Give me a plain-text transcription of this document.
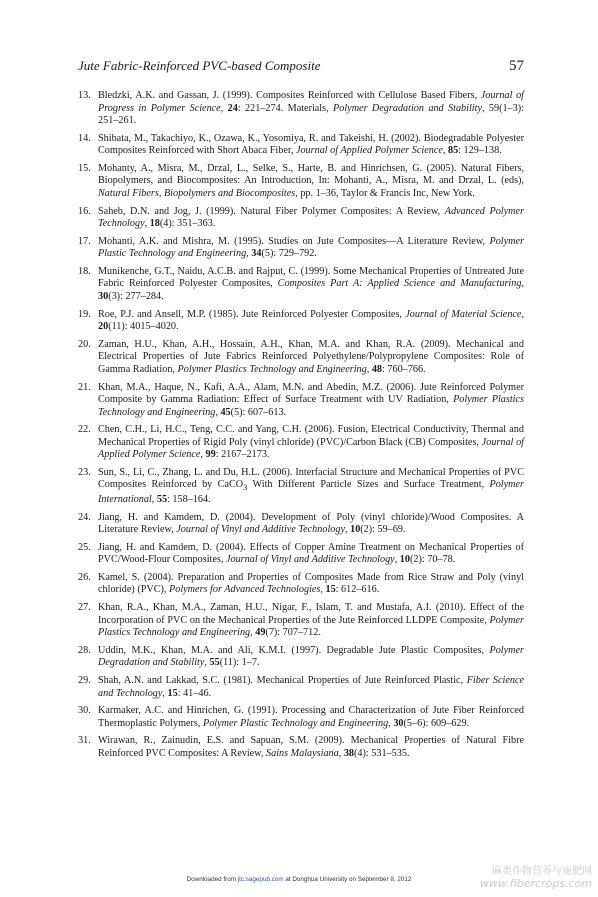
Jute Fabric-Reinforced PVC-based Composite	57
13. Bledzki, A.K. and Gassan, J. (1999). Composites Reinforced with Cellulose Based Fibers, Journal of Progress in Polymer Science, 24: 221–274. Materials, Polymer Degradation and Stability, 59(1–3): 251–261.
14. Shibata, M., Takachiyo, K., Ozawa, K., Yosomiya, R. and Takeishi, H. (2002). Biodegradable Polyester Composites Reinforced with Short Abaca Fiber, Journal of Applied Polymer Science, 85: 129–138.
15. Mohanty, A., Misra, M., Drzal, L., Selke, S., Harte, B. and Hinrichsen, G. (2005). Natural Fibers, Biopolymers, and Biocomposites: An Introduction, In: Mohanti, A., Misra, M. and Drzal, L. (eds), Natural Fibers, Biopolymers and Biocomposites, pp. 1–36, Taylor & Francis Inc, New York.
16. Saheb, D.N. and Jog, J. (1999). Natural Fiber Polymer Composites: A Review, Advanced Polymer Technology, 18(4): 351–363.
17. Mohanti, A.K. and Mishra, M. (1995). Studies on Jute Composites—A Literature Review, Polymer Plastic Technology and Engineering, 34(5): 729–792.
18. Munikenche, G.T., Naidu, A.C.B. and Rajput, C. (1999). Some Mechanical Properties of Untreated Jute Fabric Reinforced Polyester Composites, Composites Part A: Applied Science and Manufacturing, 30(3): 277–284.
19. Roe, P.J. and Ansell, M.P. (1985). Jute Reinforced Polyester Composites, Journal of Material Science, 20(11): 4015–4020.
20. Zaman, H.U., Khan, A.H., Hossain, A.H., Khan, M.A. and Khan, R.A. (2009). Mechanical and Electrical Properties of Jute Fabrics Reinforced Polyethylene/Polypropylene Composites: Role of Gamma Radiation, Polymer Plastics Technology and Engineering, 48: 760–766.
21. Khan, M.A., Haque, N., Kafi, A.A., Alam, M.N. and Abedin, M.Z. (2006). Jute Reinforced Polymer Composite by Gamma Radiation: Effect of Surface Treatment with UV Radiation, Polymer Plastics Technology and Engineering, 45(5): 607–613.
22. Chen, C.H., Li, H.C., Teng, C.C. and Yang, C.H. (2006). Fusion, Electrical Conductivity, Thermal and Mechanical Properties of Rigid Poly (vinyl chloride) (PVC)/Carbon Black (CB) Composites, Journal of Applied Polymer Science, 99: 2167–2173.
23. Sun, S., Li, C., Zhang, L. and Du, H.L. (2006). Interfacial Structure and Mechanical Properties of PVC Composites Reinforced by CaCO$_3$ With Different Particle Sizes and Surface Treatment, Polymer International, 55: 158–164.
24. Jiang, H. and Kamdem, D. (2004). Development of Poly (vinyl chloride)/Wood Composites. A Literature Review, Journal of Vinyl and Additive Technology, 10(2): 59–69.
25. Jiang, H. and Kamdem, D. (2004). Effects of Copper Amine Treatment on Mechanical Properties of PVC/Wood-Flour Composites, Journal of Vinyl and Additive Technology, 10(2): 70–78.
26. Kamel, S. (2004). Preparation and Properties of Composites Made from Rice Straw and Poly (vinyl chloride) (PVC), Polymers for Advanced Technologies, 15: 612–616.
27. Khan, R.A., Khan, M.A., Zaman, H.U., Nigar, F., Islam, T. and Mustafa, A.I. (2010). Effect of the Incorporation of PVC on the Mechanical Properties of the Jute Reinforced LLDPE Composite, Polymer Plastics Technology and Engineering, 49(7): 707–712.
28. Uddin, M.K., Khan, M.A. and Ali, K.M.I. (1997). Degradable Jute Plastic Composites, Polymer Degradation and Stability, 55(11): 1–7.
29. Shah, A.N. and Lakkad, S.C. (1981). Mechanical Properties of Jute Reinforced Plastic, Fiber Science and Technology, 15: 41–46.
30. Karmaker, A.C. and Hinrichen, G. (1991). Processing and Characterization of Jute Fiber Reinforced Thermoplastic Polymers, Polymer Plastic Technology and Engineering, 30(5–6): 609–629.
31. Wirawan, R., Zainudin, E.S. and Sapuan, S.M. (2009). Mechanical Properties of Natural Fibre Reinforced PVC Composites: A Review, Sains Malaysiana, 38(4): 531–535.
Downloaded from jtc.sagepub.com at Donghua University on September 8, 2012
麻类作物营养与施肥网
www.fibercrops.com
